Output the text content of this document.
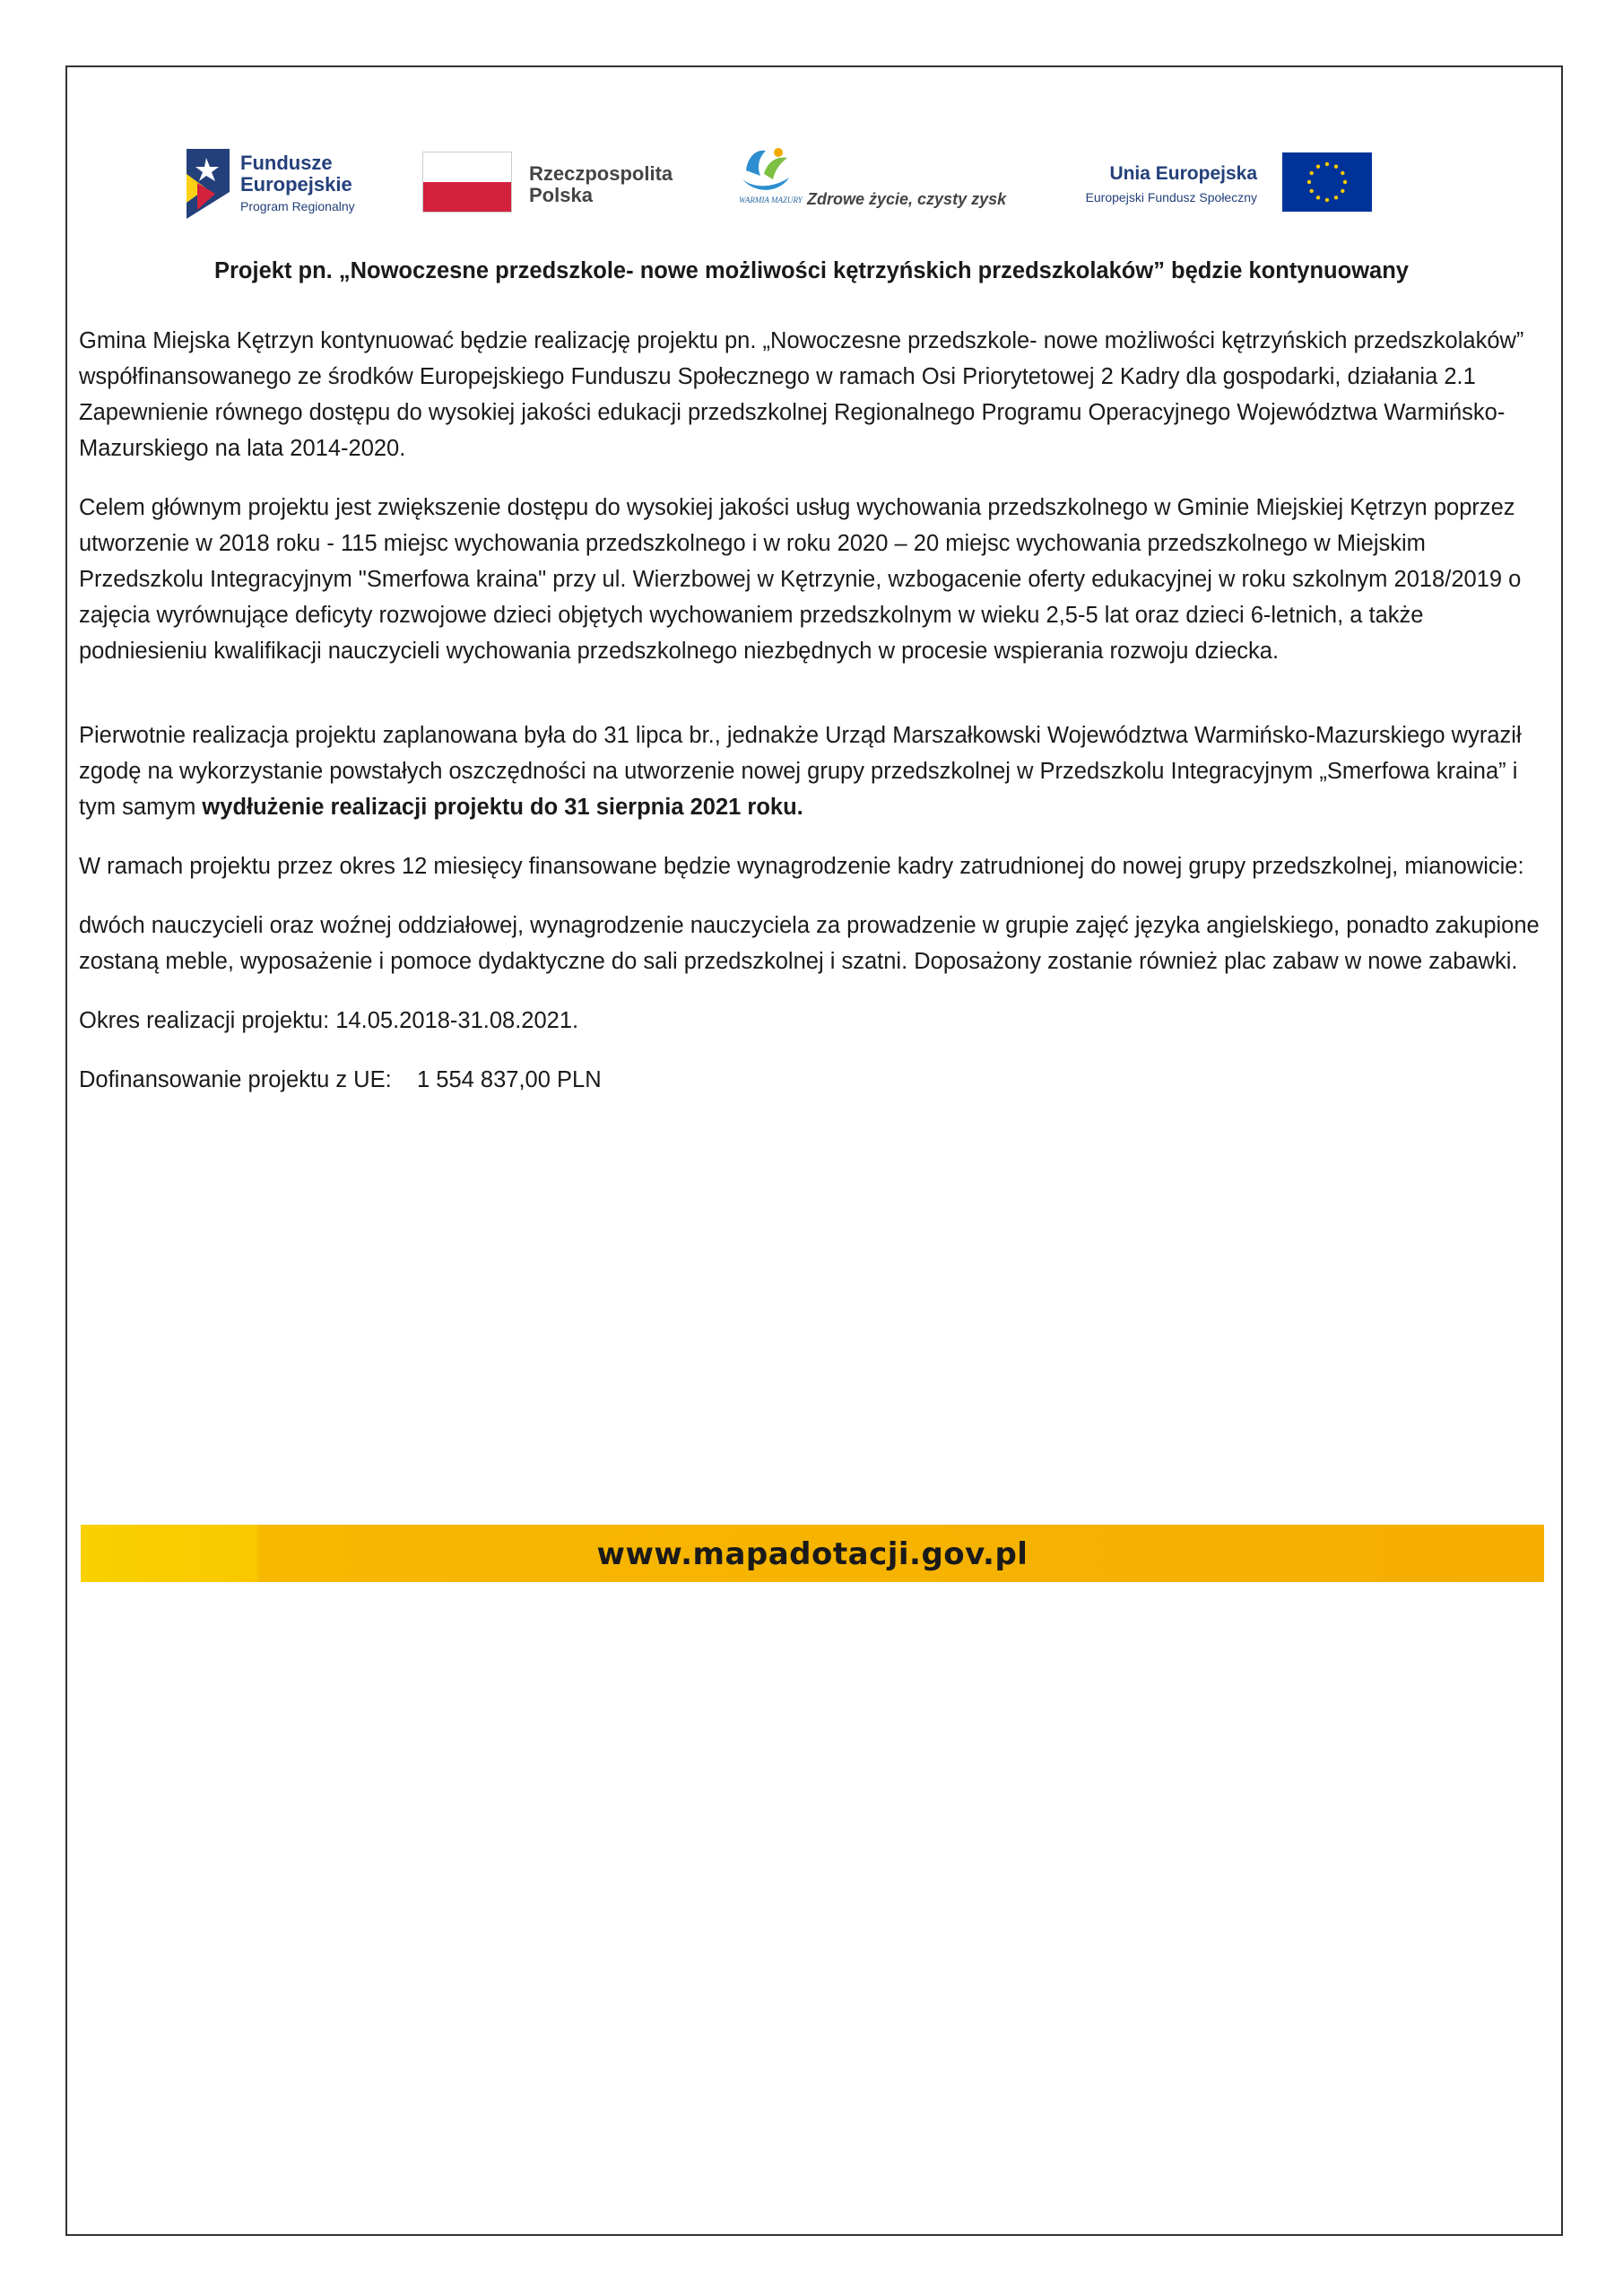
Fundusze
Europejskie
Program Regionalny
Rzeczpospolita
Polska	WARMIA MAZURY Zdrowe życie, czysty zysk
Unia Europejska
Europejski Fundusz Społeczny
Projekt pn. „Nowoczesne przedszkole- nowe możliwości kętrzyńskich przedszkolaków” będzie kontynuowany

Gmina Miejska Kętrzyn kontynuować będzie realizację projektu pn. „Nowoczesne przedszkole- nowe możliwości kętrzyńskich przedszkolaków” współfinansowanego ze środków Europejskiego Funduszu Społecznego w ramach Osi Priorytetowej 2 Kadry dla gospodarki, działania 2.1 Zapewnienie równego dostępu do wysokiej jakości edukacji przedszkolnej Regionalnego Programu Operacyjnego Województwa Warmińsko- Mazurskiego na lata 2014-2020.

Celem głównym projektu jest zwiększenie dostępu do wysokiej jakości usług wychowania przedszkolnego w Gminie Miejskiej Kętrzyn poprzez utworzenie w 2018 roku - 115 miejsc wychowania przedszkolnego i w roku 2020 – 20 miejsc wychowania przedszkolnego w Miejskim Przedszkolu Integracyjnym "Smerfowa kraina" przy ul. Wierzbowej w Kętrzynie, wzbogacenie oferty edukacyjnej w roku szkolnym 2018/2019 o zajęcia wyrównujące deficyty rozwojowe dzieci objętych wychowaniem przedszkolnym w wieku 2,5-5 lat oraz dzieci 6-letnich, a także podniesieniu kwalifikacji nauczycieli wychowania przedszkolnego niezbędnych w procesie wspierania rozwoju dziecka.

Pierwotnie realizacja projektu zaplanowana była do 31 lipca br., jednakże Urząd Marszałkowski Województwa Warmińsko-Mazurskiego wyraził zgodę na wykorzystanie powstałych oszczędności na utworzenie nowej grupy przedszkolnej w Przedszkolu Integracyjnym „Smerfowa kraina” i tym samym wydłużenie realizacji projektu do 31 sierpnia 2021 roku.

W ramach projektu przez okres 12 miesięcy finansowane będzie wynagrodzenie kadry zatrudnionej do nowej grupy przedszkolnej, mianowicie:

dwóch nauczycieli oraz woźnej oddziałowej, wynagrodzenie nauczyciela za prowadzenie w grupie zajęć języka angielskiego, ponadto zakupione zostaną meble, wyposażenie i pomoce dydaktyczne do sali przedszkolnej i szatni. Doposażony zostanie również plac zabaw w nowe zabawki.

Okres realizacji projektu: 14.05.2018-31.08.2021.

Dofinansowanie projektu z UE:    1 554 837,00 PLN

www.mapadotacji.gov.pl
